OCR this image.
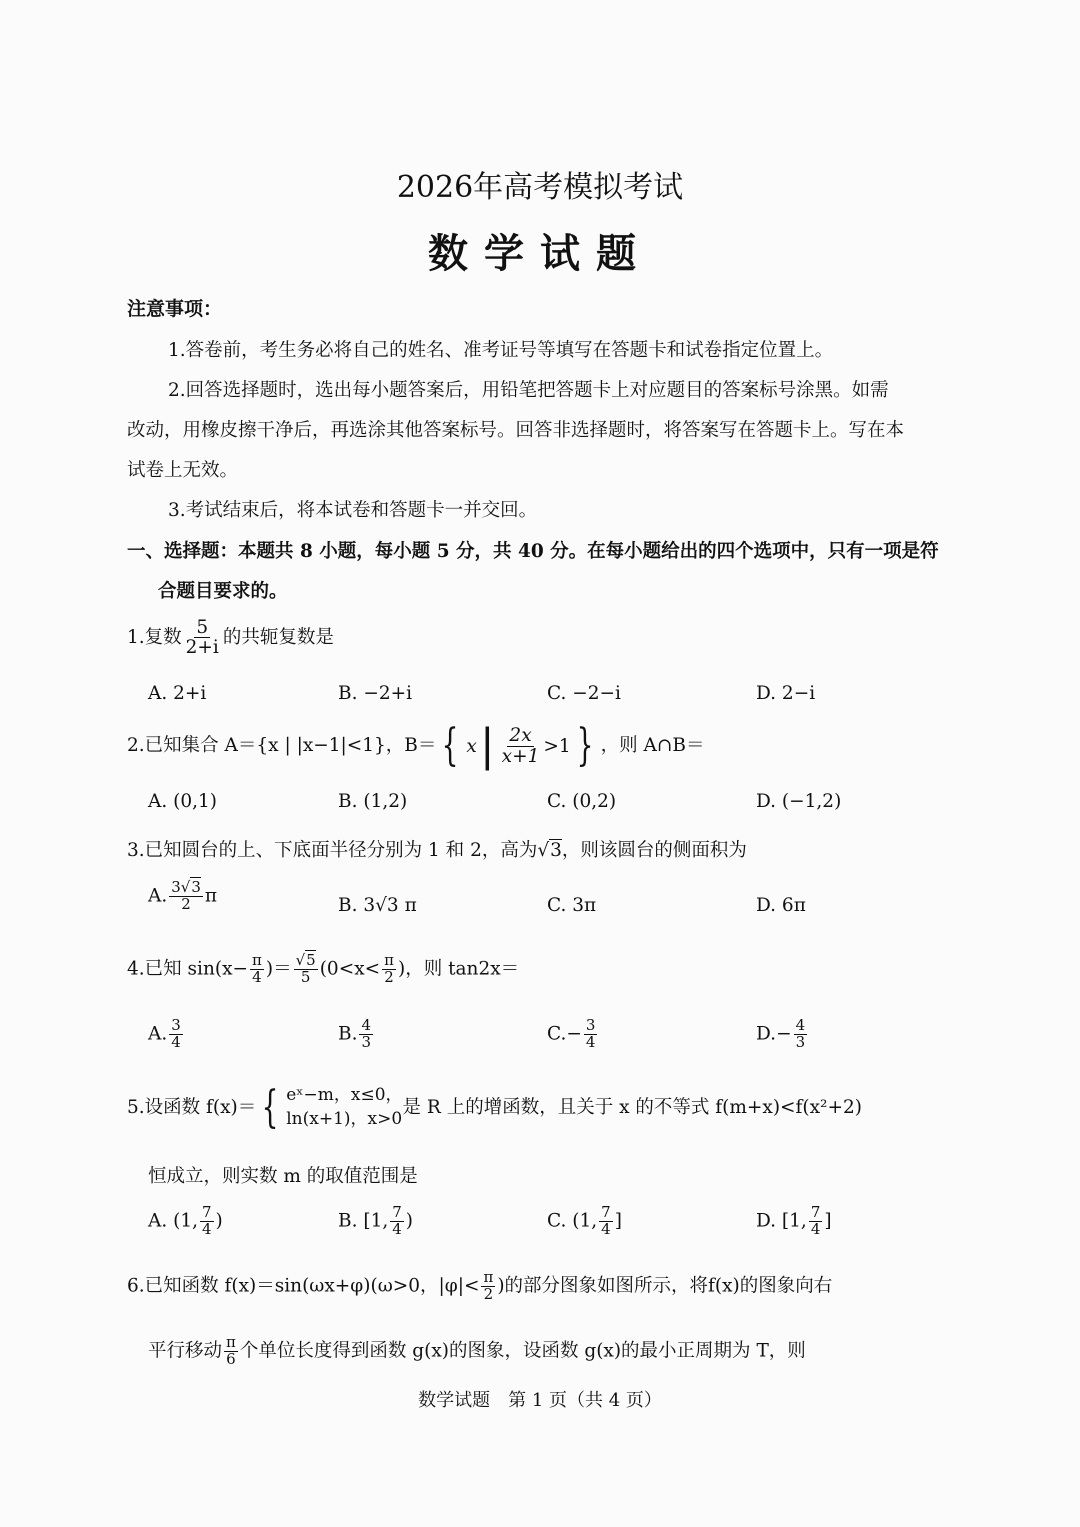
2026年高考模拟考试
数学试题
注意事项：
1.答卷前，考生务必将自己的姓名、准考证号等填写在答题卡和试卷指定位置上。
2.回答选择题时，选出每小题答案后，用铅笔把答题卡上对应题目的答案标号涂黑。如需
改动，用橡皮擦干净后，再选涂其他答案标号。回答非选择题时，将答案写在答题卡上。写在本
试卷上无效。
3.考试结束后，将本试卷和答题卡一并交回。
一、选择题：本题共 8 小题，每小题 5 分，共 40 分。在每小题给出的四个选项中，只有一项是符
合题目要求的。
1.复数 $\frac{5}{2+i}$ 的共轭复数是
A. 2+i	B. −2+i	C. −2−i	D. 2−i
2.已知集合 A＝{x | |x−1|<1}，B＝ { x | $\frac{2x}{x+1} >1$ } ，则 A∩B＝
A. (0,1)	B. (1,2)	C. (0,2)	D. (−1,2)
3.已知圆台的上、下底面半径分别为 1 和 2，高为√3，则该圆台的侧面积为
A. $\frac{3√3}{2}$ π	B. 3√3 π	C. 3π	D. 6π
4.已知 $\sin(x- \frac{\pi}{4}$ )＝ $\frac{√5}{5} (0<x< \frac{\pi}{2}$ )，则 tan2x＝
A. $\frac{3}{4}$	B. $\frac{4}{3}$	$C.- \frac{3}{4}$	$D.- \frac{4}{3}$
5.设函数 f(x)＝ { eˣ−m，x≤0，
ln(x+1)，x>0
是 R 上的增函数，且关于 x 的不等式 f(m+x)<f(x²+2)
恒成立，则实数 m 的取值范围是
A. (1, $\frac{7}{4}$ )	B. [1, $\frac{7}{4}$ )	C. (1, $\frac{7}{4}$ ]	D. [1, $\frac{7}{4}$ ]
6.已知函数 f(x)＝sin(ωx+φ)(ω>0，$|\varphi|< \frac{\pi}{2}$ )的部分图象如图所示，将f(x)的图象向右
平行移动 $\frac{\pi}{6}$ 个单位长度得到函数 g(x)的图象，设函数 g(x)的最小正周期为 T，则
数学试题　第 1 页（共 4 页）
